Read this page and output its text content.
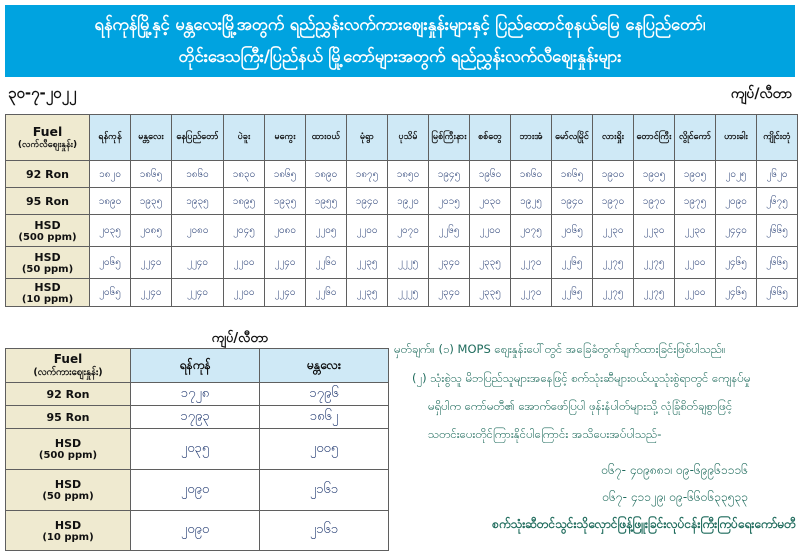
ရန်ကုန်မြို့နှင့် မန္တလေးမြို့အတွက် ရည်ညွှန်းလက်ကားစျေးနှုန်းများနှင့် ပြည်ထောင်စုနယ်မြေ နေပြည်တော်၊
တိုင်းဒေသကြီး/ပြည်နယ် မြို့တော်များအတွက် ရည်ညွှန်းလက်လီစျေးနှုန်းများ
၃၀-၇-၂၀၂၂	ကျပ်/လီတာ
Fuel
(လက်လီစျေးနှုန်း)	ရန်ကုန်	မန္တလေး	နေပြည်တော်	ပဲခူး	မကွေး	ထားဝယ်	မုံရွာ	ပုသိမ်	မြစ်ကြီးနား	စစ်တွေ	ဘားအံ	မော်လမြိုင်	လားရှိုး	တောင်ကြီး	လွိုင်ကော်	ဟားခါး	ကျိုင်းတုံ

92 Ron	၁၈၂၀	၁၈၆၅	၁၈၆၀	၁၈၃၀	၁၈၆၅	၁၈၉၀	၁၈၇၅	၁၈၅၀	၁၉၄၅	၁၉၆၀	၁၈၆၀	၁၈၆၅	၁၉၀၀	၁၉၀၅	၁၉၀၅	၂၀၂၅	၂၆၂၀

95 Ron	၁၈၉၀	၁၉၃၅	၁၉၃၅	၁၈၉၅	၁၉၃၅	၁၉၅၅	၁၉၄၀	၁၉၂၀	၂၀၁၅	၂၀၃၀	၁၉၂၅	၁၉၄၀	၁၉၇၀	၁၉၇၀	၁၉၇၅	၂၀၉၀	၂၆၇၅

HSD
(500 ppm)	၂၀၃၅	၂၀၈၅	၂၀၈၀	၂၀၄၅	၂၀၈၀	၂၂၀၅	၂၂၀၀	၂၀၇၀	၂၂၆၅	၂၂၀၀	၂၀၇၅	၂၀၆၅	၂၂၃၀	၂၂၃၀	၂၂၃၀	၂၄၄၀	၂၆၆၅

HSD
(50 ppm)	၂၀၆၅	၂၂၄၀	၂၂၄၀	၂၂၀၀	၂၂၄၀	၂၂၆၀	၂၂၃၅	၂၂၂၅	၂၃၄၀	၂၃၃၅	၂၂၇၀	၂၂၆၅	၂၂၇၅	၂၂၇၅	၂၂၀၀	၂၄၆၅	၂၆၆၅

HSD
(10 ppm)	၂၀၆၅	၂၂၄၀	၂၂၄၀	၂၂၀၀	၂၂၄၀	၂၂၆၀	၂၂၃၅	၂၂၂၅	၂၃၄၀	၂၃၃၅	၂၂၇၀	၂၂၆၅	၂၂၇၅	၂၂၇၅	၂၂၀၀	၂၄၆၅	၂၆၆၅
ကျပ်/လီတာ
Fuel
(လက်ကားစျေးနှုန်း)	ရန်ကုန်	မန္တလေး

92 Ron	၁၇၂၈	၁၇၉၆

95 Ron	၁၇၉၃	၁၈၆၂

HSD
(500 ppm)	၂၀၃၅	၂၀၀၅

HSD
(50 ppm)	၂၀၉၀	၂၁၆၁

HSD
(10 ppm)	၂၀၉၀	၂၁၆၁
မှတ်ချက်။ (၁) MOPS စျေးနှုန်းပေါ်တွင် အခြေခံတွက်ချက်ထားခြင်းဖြစ်ပါသည်။
(၂) သုံးစွဲသူ မိဘပြည်သူများအနေဖြင့် စက်သုံးဆီများဝယ်ယူသုံးစွဲရာတွင် ကျေနပ်မှု
မရှိပါက ကော်မတီ၏ အောက်ဖော်ပြပါ ဖုန်းနံပါတ်များသို့ လုံခြုံစိတ်ချစွာဖြင့်
သတင်းပေးတိုင်ကြားနိုင်ပါကြောင်း အသိပေးအပ်ပါသည်-
၀၆၇- ၄၀၉၈၈၁၊ ၀၉-၆၉၉၆၁၁၁၆
၀၆၇- ၄၁၁၂၉၊ ၀၉-၆၆၀၆၃၃၅၃၃
စက်သုံးဆီတင်သွင်းသိုလှောင်ဖြန့်ဖြူးခြင်းလုပ်ငန်းကြီးကြပ်ရေးကော်မတီ
